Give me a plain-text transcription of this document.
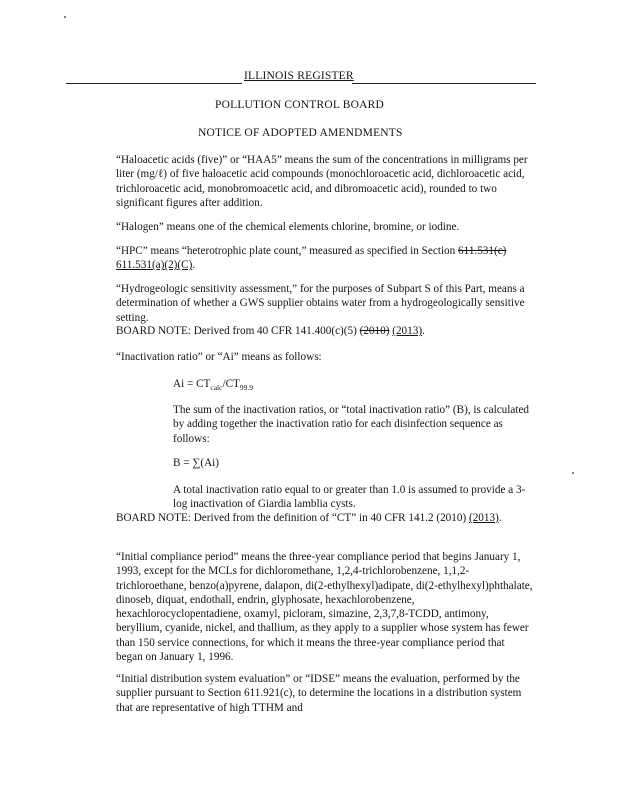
ILLINOIS REGISTER
POLLUTION CONTROL BOARD
NOTICE OF ADOPTED AMENDMENTS

“Haloacetic acids (five)” or “HAA5” means the sum of the concentrations in milligrams per liter (mg/ℓ) of five haloacetic acid compounds (monochloroacetic acid, dichloroacetic acid, trichloroacetic acid, monobromoacetic acid, and dibromoacetic acid), rounded to two significant figures after addition.

“Halogen” means one of the chemical elements chlorine, bromine, or iodine.

“HPC” means “heterotrophic plate count,” measured as specified in Section 611.531(c) 611.531(a)(2)(C).

“Hydrogeologic sensitivity assessment,” for the purposes of Subpart S of this Part, means a determination of whether a GWS supplier obtains water from a hydrogeologically sensitive setting.

BOARD NOTE: Derived from 40 CFR 141.400(c)(5) (2010) (2013).

“Inactivation ratio” or “Ai” means as follows:

$Ai = CT_{calc}/CT_{99.9}$

The sum of the inactivation ratios, or “total inactivation ratio” (B), is calculated by adding together the inactivation ratio for each disinfection sequence as follows:

B = ∑(Ai)

A total inactivation ratio equal to or greater than 1.0 is assumed to provide a 3-log inactivation of Giardia lamblia cysts.

BOARD NOTE: Derived from the definition of “CT” in 40 CFR 141.2 (2010) (2013).

“Initial compliance period” means the three-year compliance period that begins January 1, 1993, except for the MCLs for dichloromethane, 1,2,4-trichlorobenzene, 1,1,2-trichloroethane, benzo(a)pyrene, dalapon, di(2-ethylhexyl)adipate, di(2-ethylhexyl)phthalate, dinoseb, diquat, endothall, endrin, glyphosate, hexachlorobenzene, hexachlorocyclopentadiene, oxamyl, picloram, simazine, 2,3,7,8-TCDD, antimony, beryllium, cyanide, nickel, and thallium, as they apply to a supplier whose system has fewer than 150 service connections, for which it means the three-year compliance period that began on January 1, 1996.

“Initial distribution system evaluation” or “IDSE” means the evaluation, performed by the supplier pursuant to Section 611.921(c), to determine the locations in a distribution system that are representative of high TTHM and
